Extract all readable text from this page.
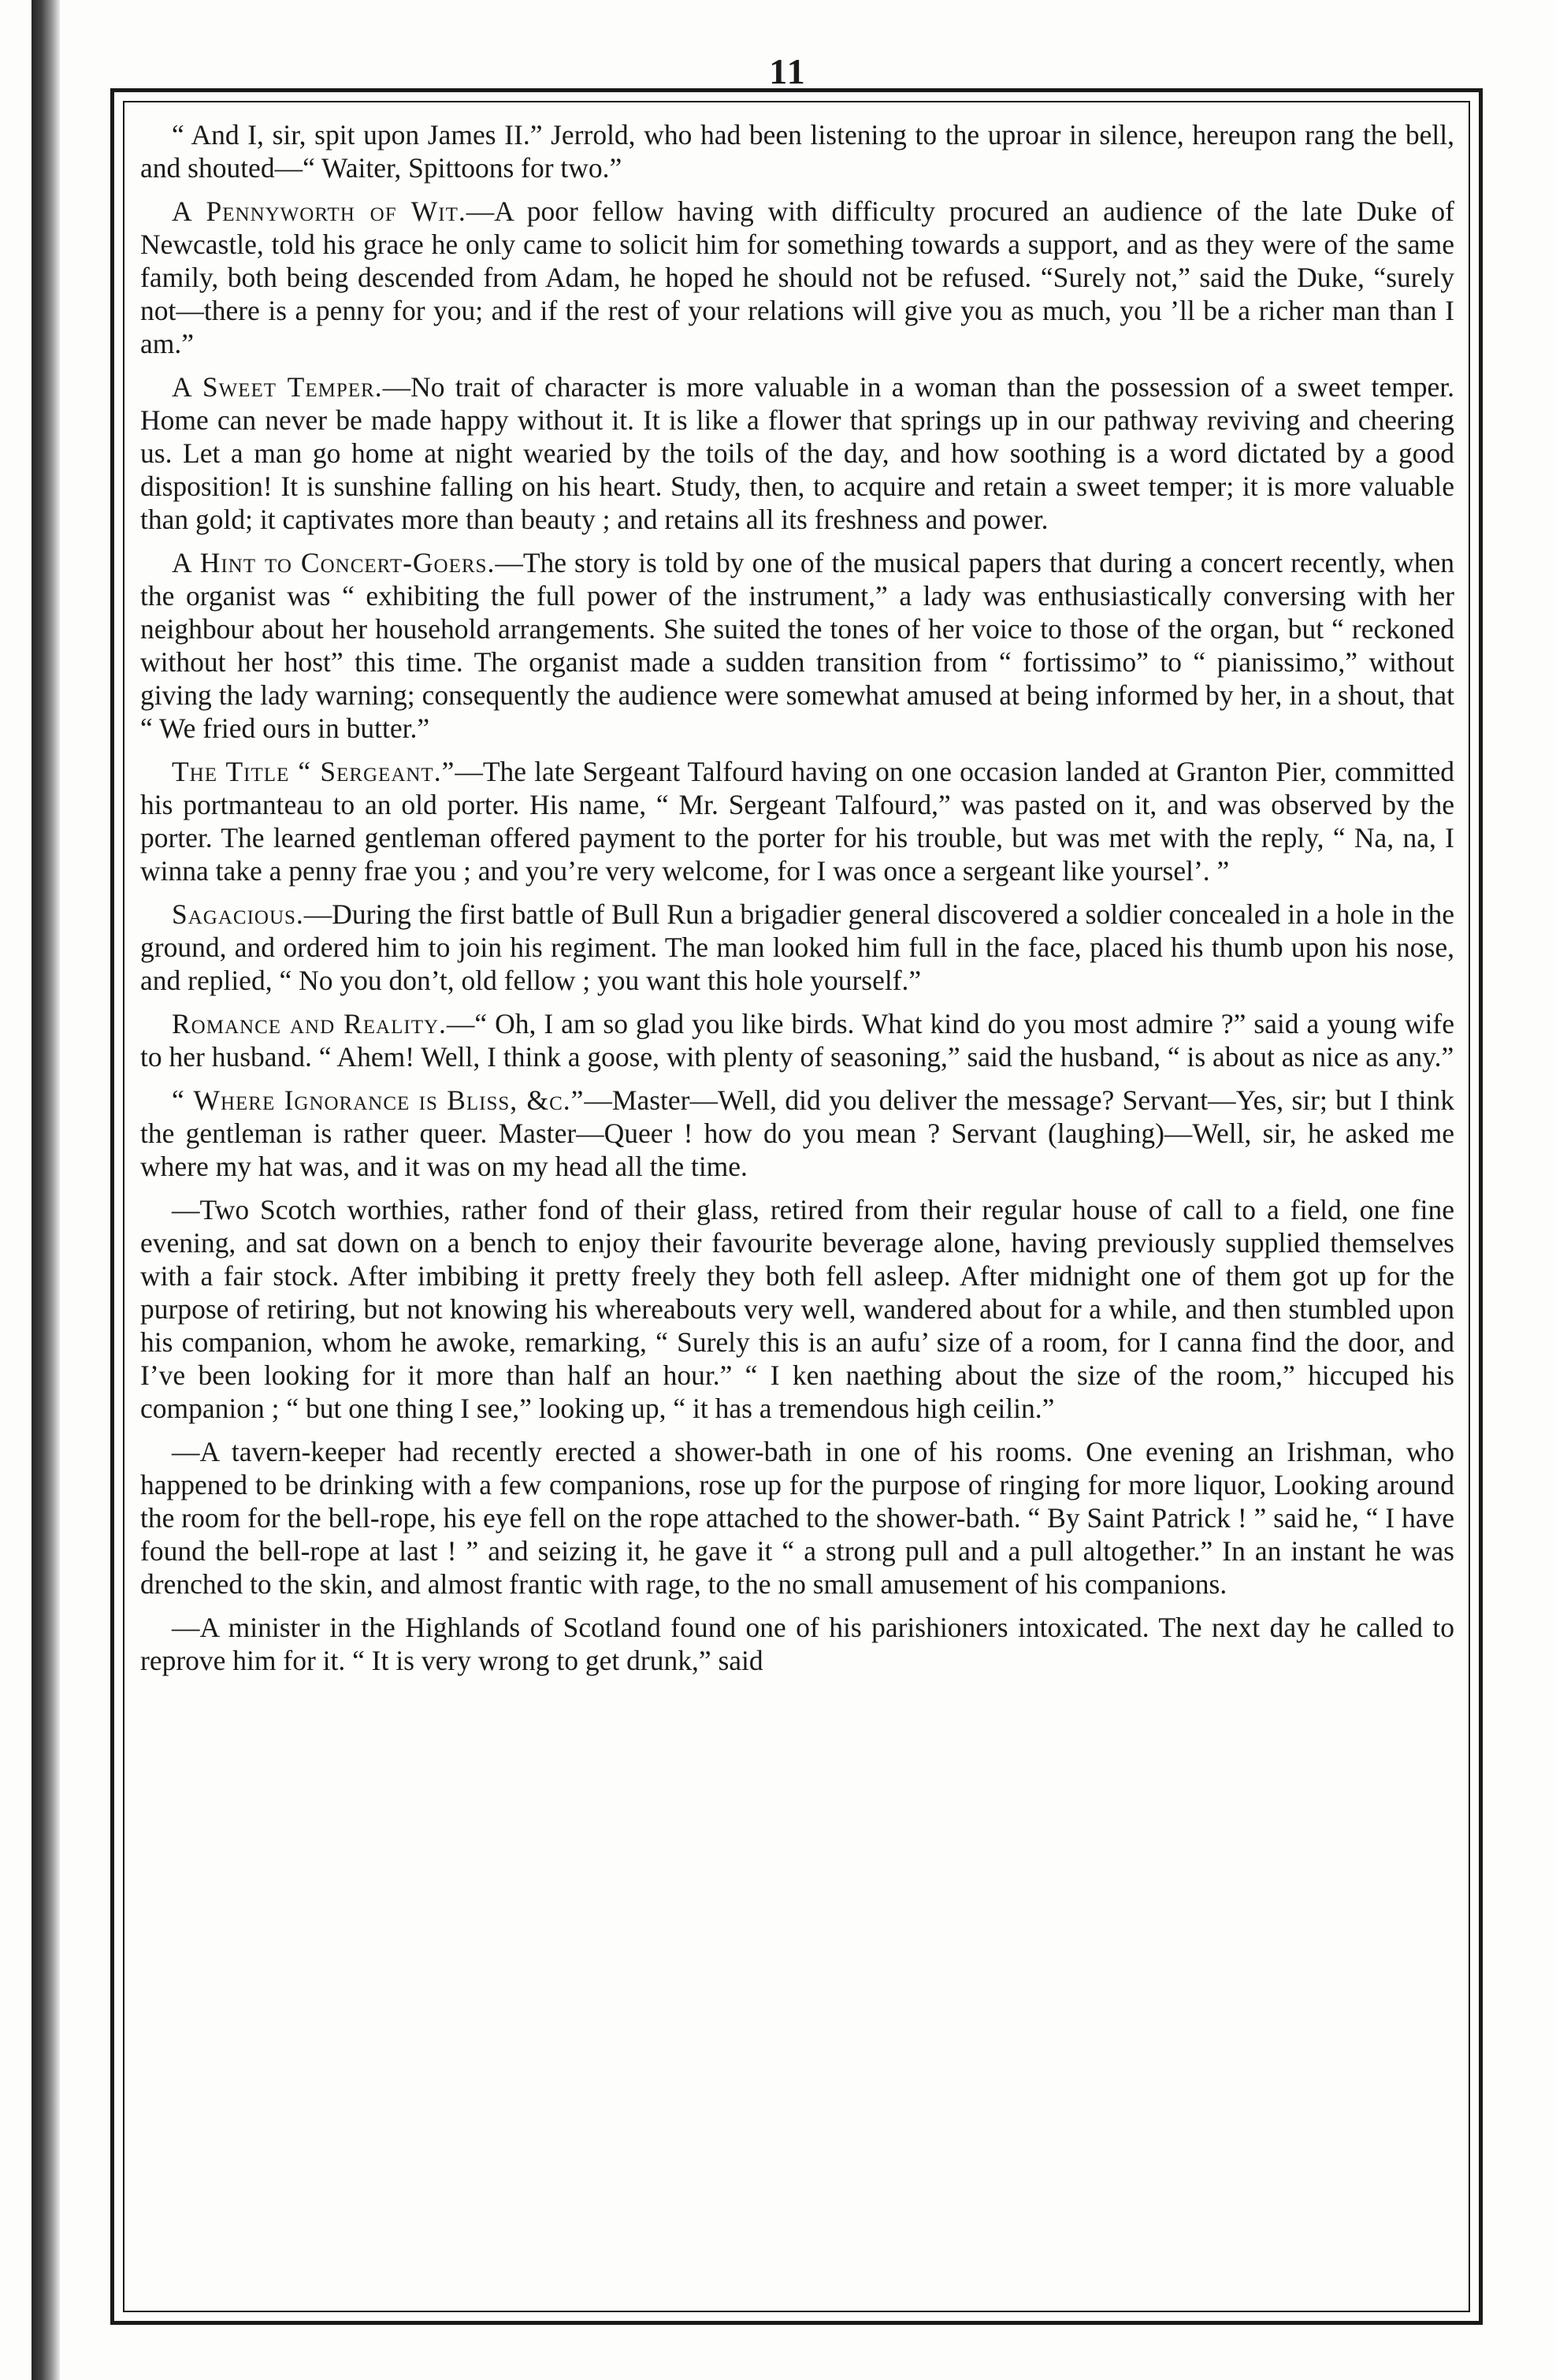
11

“ And I, sir, spit upon James II.” Jerrold, who had been listening to the uproar in silence, hereupon rang the bell, and shouted—“ Waiter, Spittoons for two.”

A Pennyworth of Wit.—A poor fellow having with difficulty procured an audience of the late Duke of Newcastle, told his grace he only came to solicit him for something towards a support, and as they were of the same family, both being descended from Adam, he hoped he should not be refused. “Surely not,” said the Duke, “surely not—there is a penny for you; and if the rest of your relations will give you as much, you ’ll be a richer man than I am.”

A Sweet Temper.—No trait of character is more valuable in a woman than the possession of a sweet temper. Home can never be made happy without it. It is like a flower that springs up in our pathway reviving and cheering us. Let a man go home at night wearied by the toils of the day, and how soothing is a word dictated by a good disposition! It is sunshine falling on his heart. Study, then, to acquire and retain a sweet temper; it is more valuable than gold; it captivates more than beauty ; and retains all its freshness and power.

A Hint to Concert-Goers.—The story is told by one of the musical papers that during a concert recently, when the organist was “ exhibiting the full power of the instrument,” a lady was enthusiastically conversing with her neighbour about her household arrangements. She suited the tones of her voice to those of the organ, but “ reckoned without her host” this time. The organist made a sudden transition from “ fortissimo” to “ pianissimo,” without giving the lady warning; consequently the audience were somewhat amused at being informed by her, in a shout, that “ We fried ours in butter.”

The Title “ Sergeant.”—The late Sergeant Talfourd having on one occasion landed at Granton Pier, committed his portmanteau to an old porter. His name, “ Mr. Sergeant Talfourd,” was pasted on it, and was observed by the porter. The learned gentleman offered payment to the porter for his trouble, but was met with the reply, “ Na, na, I winna take a penny frae you ; and you’re very welcome, for I was once a sergeant like yoursel’. ”

Sagacious.—During the first battle of Bull Run a brigadier general discovered a soldier concealed in a hole in the ground, and ordered him to join his regiment. The man looked him full in the face, placed his thumb upon his nose, and replied, “ No you don’t, old fellow ; you want this hole yourself.”

Romance and Reality.—“ Oh, I am so glad you like birds. What kind do you most admire ?” said a young wife to her husband. “ Ahem! Well, I think a goose, with plenty of seasoning,” said the husband, “ is about as nice as any.”

“ Where Ignorance is Bliss, &c.”—Master—Well, did you deliver the message? Servant—Yes, sir; but I think the gentleman is rather queer. Master—Queer ! how do you mean ? Servant (laughing)—Well, sir, he asked me where my hat was, and it was on my head all the time.

—Two Scotch worthies, rather fond of their glass, retired from their regular house of call to a field, one fine evening, and sat down on a bench to enjoy their favourite beverage alone, having previously supplied themselves with a fair stock. After imbibing it pretty freely they both fell asleep. After midnight one of them got up for the purpose of retiring, but not knowing his whereabouts very well, wandered about for a while, and then stumbled upon his companion, whom he awoke, remarking, “ Surely this is an aufu’ size of a room, for I canna find the door, and I’ve been looking for it more than half an hour.” “ I ken naething about the size of the room,” hiccuped his companion ; “ but one thing I see,” looking up, “ it has a tremendous high ceilin.”

—A tavern-keeper had recently erected a shower-bath in one of his rooms. One evening an Irishman, who happened to be drinking with a few companions, rose up for the purpose of ringing for more liquor, Looking around the room for the bell-rope, his eye fell on the rope attached to the shower-bath. “ By Saint Patrick ! ” said he, “ I have found the bell-rope at last ! ” and seizing it, he gave it “ a strong pull and a pull altogether.” In an instant he was drenched to the skin, and almost frantic with rage, to the no small amusement of his companions.

—A minister in the Highlands of Scotland found one of his parishioners intoxicated. The next day he called to reprove him for it. “ It is very wrong to get drunk,” said
